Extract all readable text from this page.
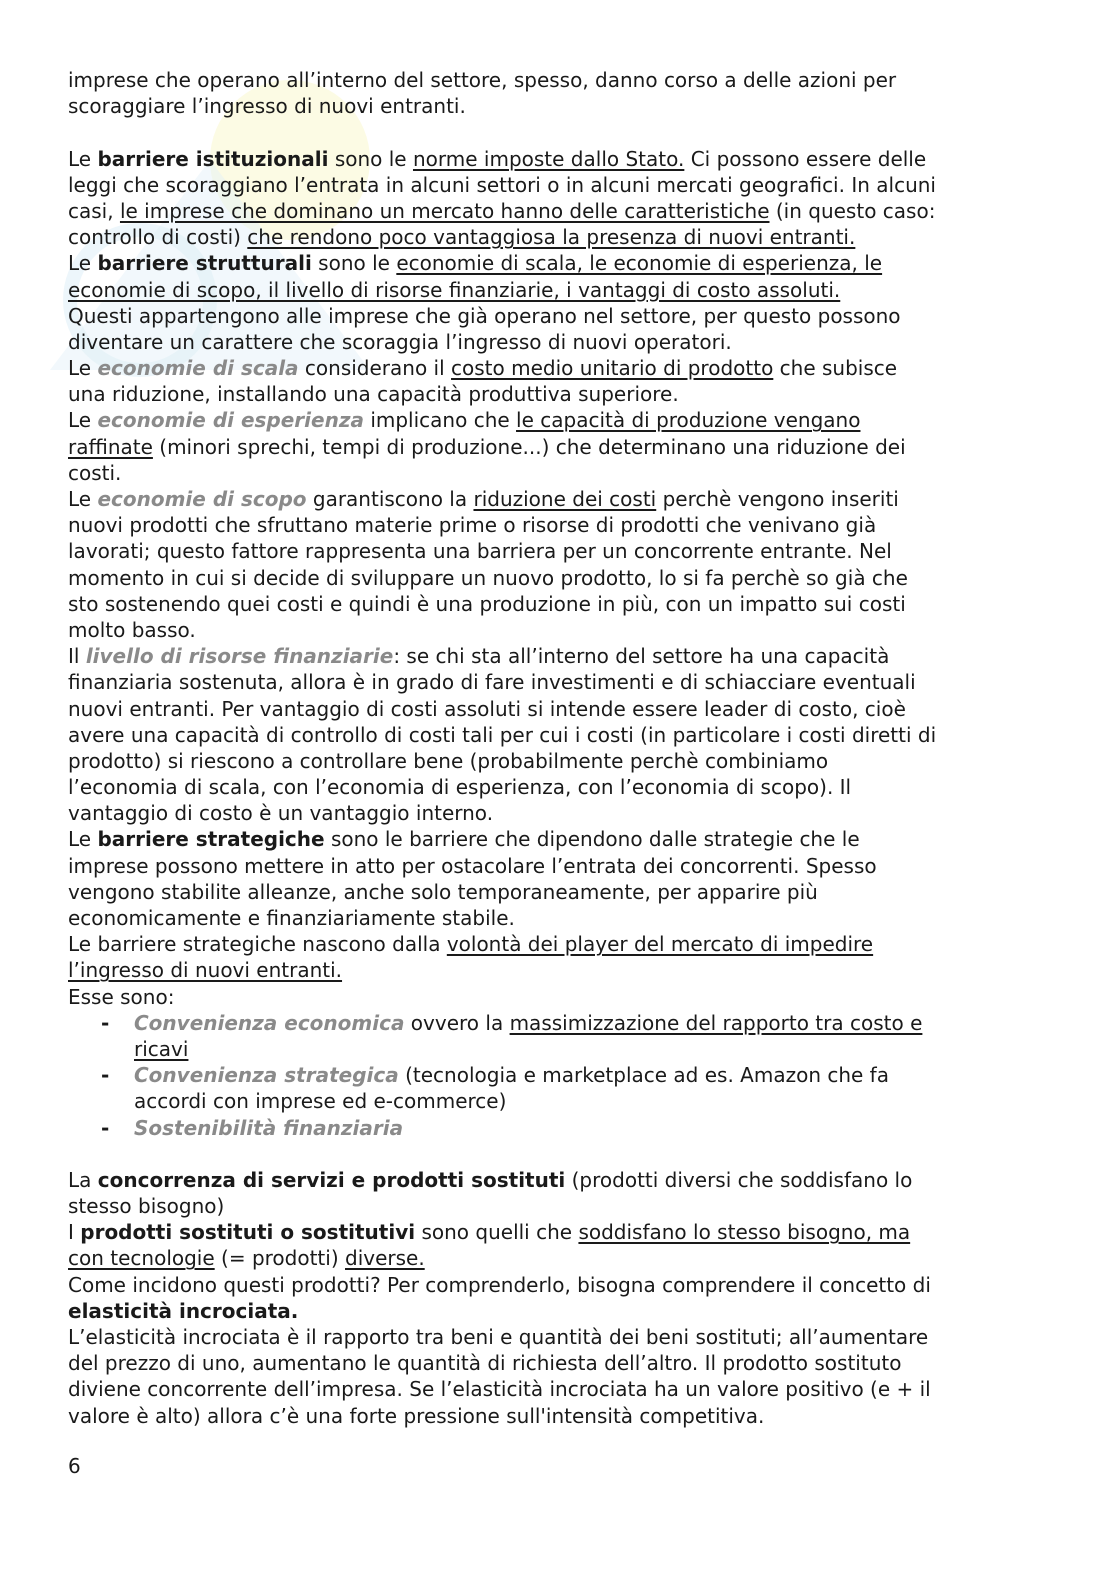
imprese che operano all’interno del settore, spesso, danno corso a delle azioni per
scoraggiare l’ingresso di nuovi entranti.
Le barriere istituzionali sono le norme imposte dallo Stato. Ci possono essere delle
leggi che scoraggiano l’entrata in alcuni settori o in alcuni mercati geografici. In alcuni
casi, le imprese che dominano un mercato hanno delle caratteristiche (in questo caso:
controllo di costi) che rendono poco vantaggiosa la presenza di nuovi entranti.
Le barriere strutturali sono le economie di scala, le economie di esperienza, le
economie di scopo, il livello di risorse finanziarie, i vantaggi di costo assoluti.
Questi appartengono alle imprese che già operano nel settore, per questo possono
diventare un carattere che scoraggia l’ingresso di nuovi operatori.
Le economie di scala considerano il costo medio unitario di prodotto che subisce
una riduzione, installando una capacità produttiva superiore.
Le economie di esperienza implicano che le capacità di produzione vengano
raffinate (minori sprechi, tempi di produzione...) che determinano una riduzione dei
costi.
Le economie di scopo garantiscono la riduzione dei costi perchè vengono inseriti
nuovi prodotti che sfruttano materie prime o risorse di prodotti che venivano già
lavorati; questo fattore rappresenta una barriera per un concorrente entrante. Nel
momento in cui si decide di sviluppare un nuovo prodotto, lo si fa perchè so già che
sto sostenendo quei costi e quindi è una produzione in più, con un impatto sui costi
molto basso.
Il livello di risorse finanziarie: se chi sta all’interno del settore ha una capacità
finanziaria sostenuta, allora è in grado di fare investimenti e di schiacciare eventuali
nuovi entranti. Per vantaggio di costi assoluti si intende essere leader di costo, cioè
avere una capacità di controllo di costi tali per cui i costi (in particolare i costi diretti di
prodotto) si riescono a controllare bene (probabilmente perchè combiniamo
l’economia di scala, con l’economia di esperienza, con l’economia di scopo). Il
vantaggio di costo è un vantaggio interno.
Le barriere strategiche sono le barriere che dipendono dalle strategie che le
imprese possono mettere in atto per ostacolare l’entrata dei concorrenti. Spesso
vengono stabilite alleanze, anche solo temporaneamente, per apparire più
economicamente e finanziariamente stabile.
Le barriere strategiche nascono dalla volontà dei player del mercato di impedire
l’ingresso di nuovi entranti.
Esse sono:
- Convenienza economica ovvero la massimizzazione del rapporto tra costo e
ricavi
- Convenienza strategica (tecnologia e marketplace ad es. Amazon che fa
accordi con imprese ed e-commerce)
- Sostenibilità finanziaria
La concorrenza di servizi e prodotti sostituti (prodotti diversi che soddisfano lo
stesso bisogno)
I prodotti sostituti o sostitutivi sono quelli che soddisfano lo stesso bisogno, ma
con tecnologie (= prodotti) diverse.
Come incidono questi prodotti? Per comprenderlo, bisogna comprendere il concetto di
elasticità incrociata.
L’elasticità incrociata è il rapporto tra beni e quantità dei beni sostituti; all’aumentare
del prezzo di uno, aumentano le quantità di richiesta dell’altro. Il prodotto sostituto
diviene concorrente dell’impresa. Se l’elasticità incrociata ha un valore positivo (e + il
valore è alto) allora c’è una forte pressione sull'intensità competitiva.
6
